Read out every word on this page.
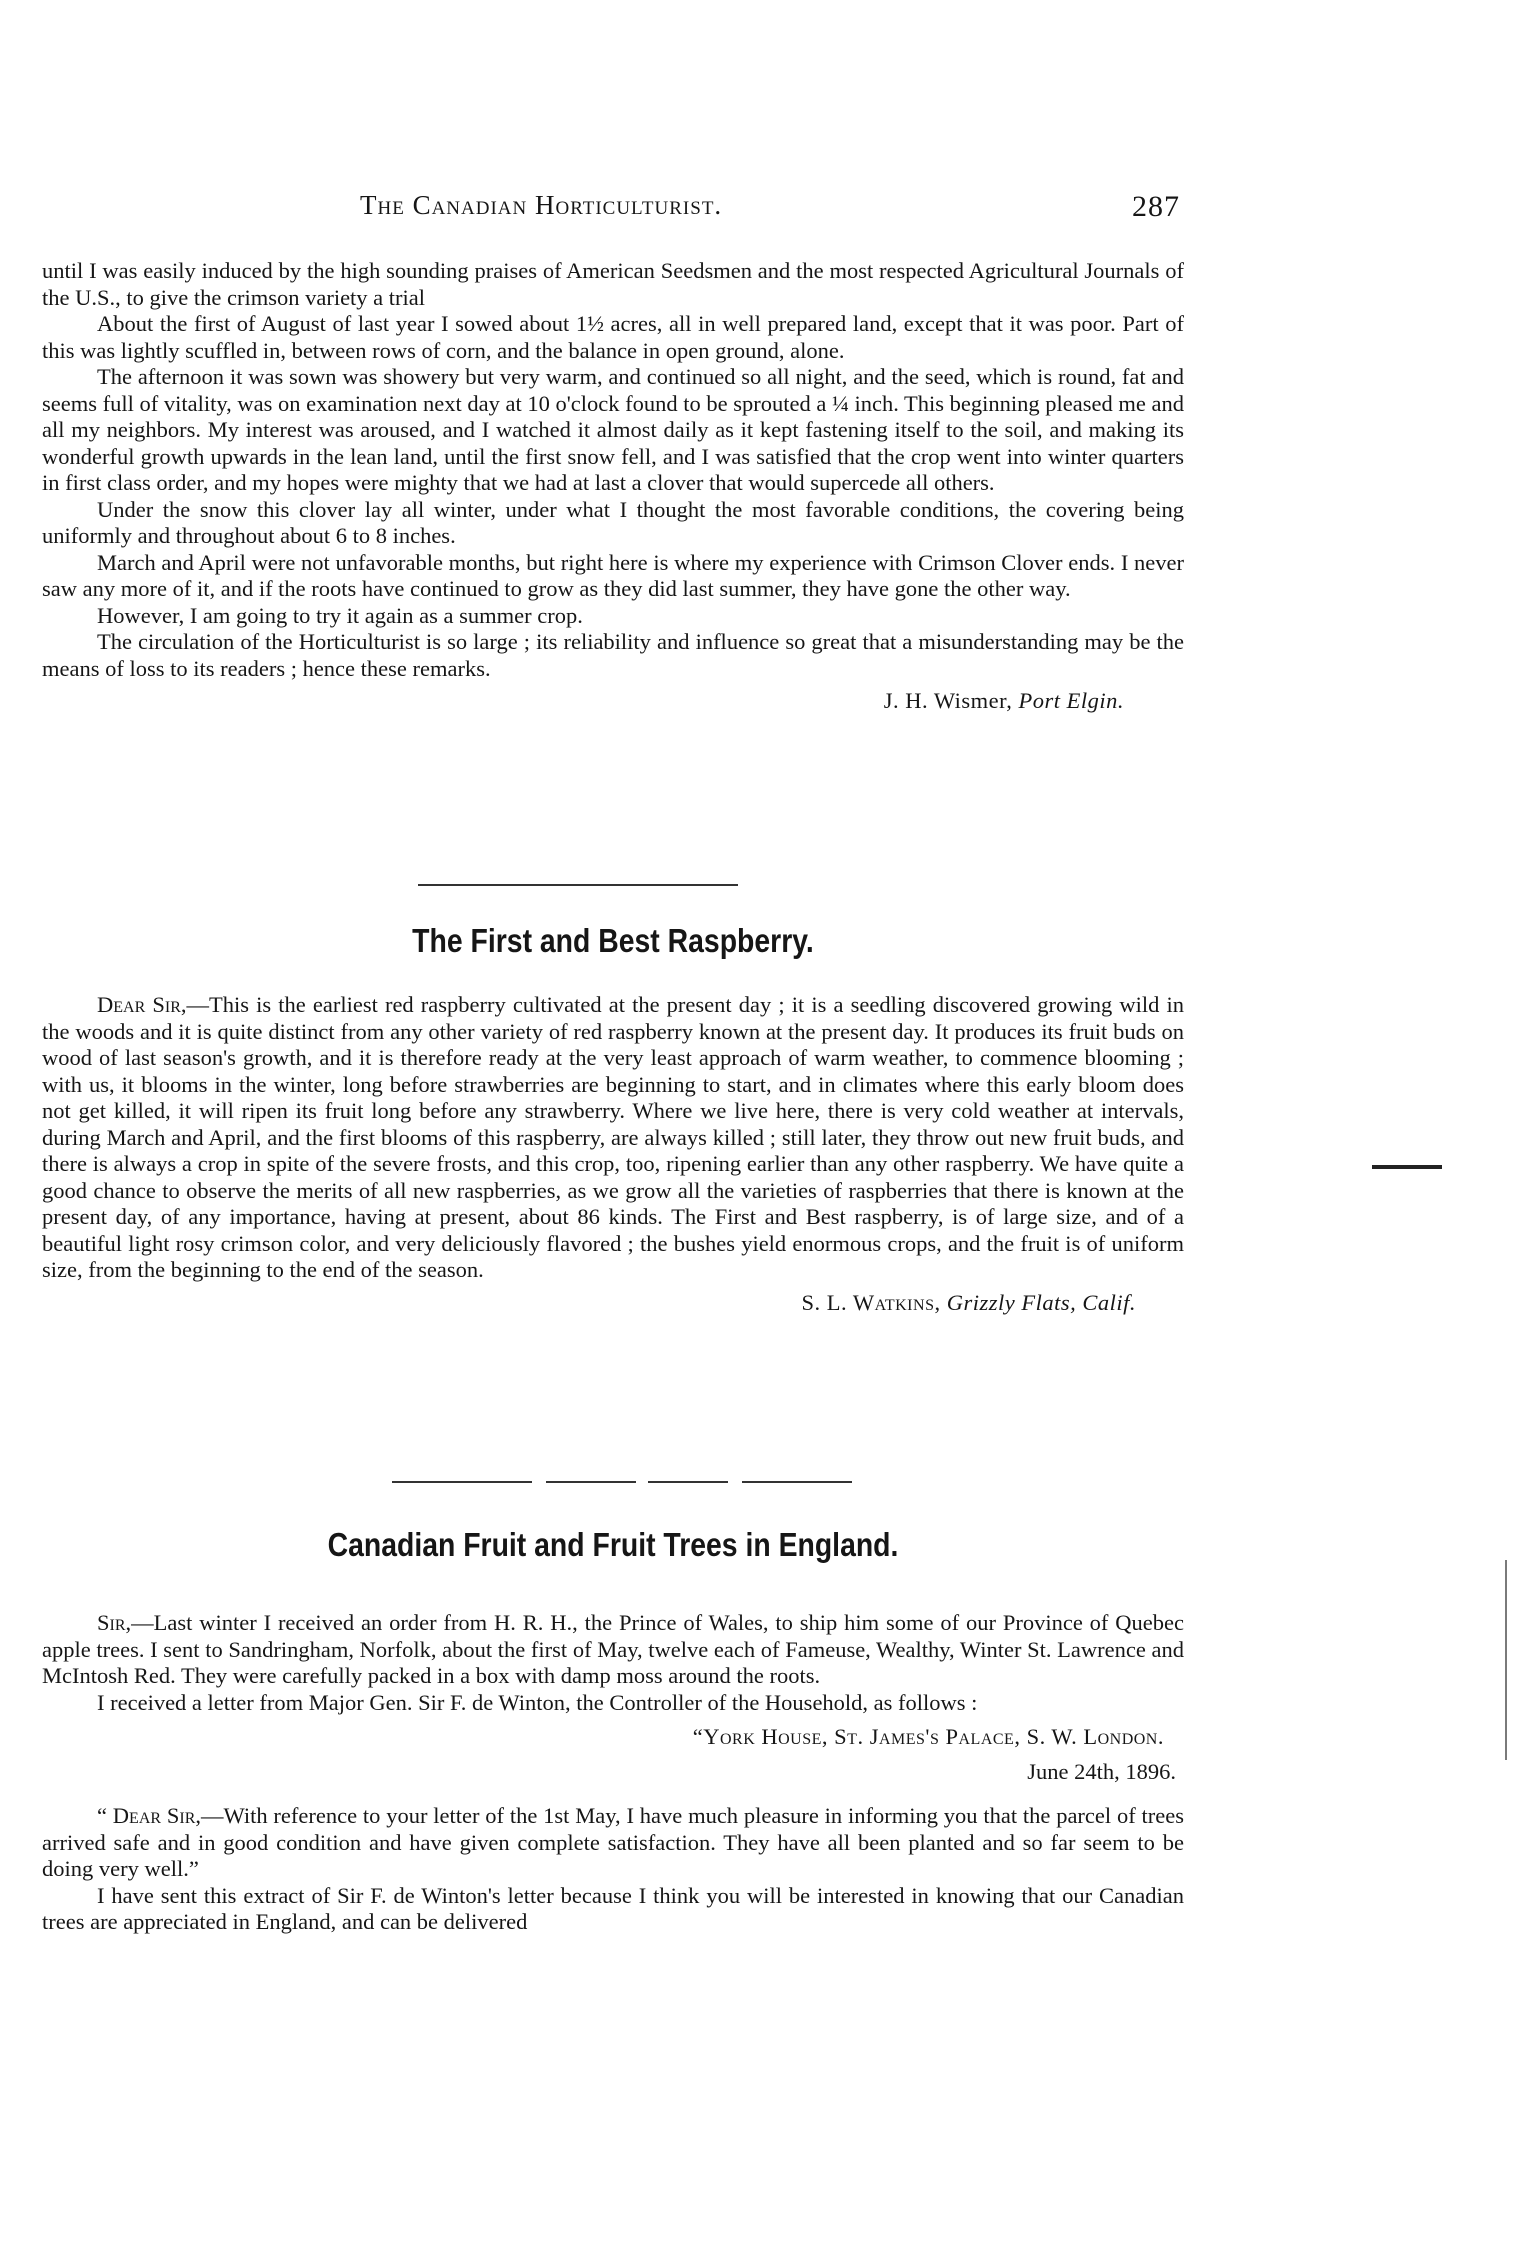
The Canadian Horticulturist.	287

until I was easily induced by the high sounding praises of American Seedsmen and the most respected Agricultural Journals of the U.S., to give the crimson variety a trial

About the first of August of last year I sowed about 1½ acres, all in well prepared land, except that it was poor. Part of this was lightly scuffled in, between rows of corn, and the balance in open ground, alone.

The afternoon it was sown was showery but very warm, and continued so all night, and the seed, which is round, fat and seems full of vitality, was on examination next day at 10 o'clock found to be sprouted a ¼ inch. This beginning pleased me and all my neighbors. My interest was aroused, and I watched it almost daily as it kept fastening itself to the soil, and making its wonderful growth upwards in the lean land, until the first snow fell, and I was satisfied that the crop went into winter quarters in first class order, and my hopes were mighty that we had at last a clover that would supercede all others.

Under the snow this clover lay all winter, under what I thought the most favorable conditions, the covering being uniformly and throughout about 6 to 8 inches.

March and April were not unfavorable months, but right here is where my experience with Crimson Clover ends. I never saw any more of it, and if the roots have continued to grow as they did last summer, they have gone the other way.

However, I am going to try it again as a summer crop.

The circulation of the Horticulturist is so large ; its reliability and influence so great that a misunderstanding may be the means of loss to its readers ; hence these remarks.

J. H. Wismer, Port Elgin.
The First and Best Raspberry.

Dear Sir,—This is the earliest red raspberry cultivated at the present day ; it is a seedling discovered growing wild in the woods and it is quite distinct from any other variety of red raspberry known at the present day. It produces its fruit buds on wood of last season's growth, and it is therefore ready at the very least approach of warm weather, to commence blooming ; with us, it blooms in the winter, long before strawberries are beginning to start, and in climates where this early bloom does not get killed, it will ripen its fruit long before any strawberry. Where we live here, there is very cold weather at intervals, during March and April, and the first blooms of this raspberry, are always killed ; still later, they throw out new fruit buds, and there is always a crop in spite of the severe frosts, and this crop, too, ripening earlier than any other raspberry. We have quite a good chance to observe the merits of all new raspberries, as we grow all the varieties of raspberries that there is known at the present day, of any importance, having at present, about 86 kinds. The First and Best raspberry, is of large size, and of a beautiful light rosy crimson color, and very deliciously flavored ; the bushes yield enormous crops, and the fruit is of uniform size, from the beginning to the end of the season.

S. L. Watkins, Grizzly Flats, Calif.
Canadian Fruit and Fruit Trees in England.

Sir,—Last winter I received an order from H. R. H., the Prince of Wales, to ship him some of our Province of Quebec apple trees. I sent to Sandringham, Norfolk, about the first of May, twelve each of Fameuse, Wealthy, Winter St. Lawrence and McIntosh Red. They were carefully packed in a box with damp moss around the roots.

I received a letter from Major Gen. Sir F. de Winton, the Controller of the Household, as follows :

“York House, St. James's Palace, S. W. London.
June 24th, 1896.

“ Dear Sir,—With reference to your letter of the 1st May, I have much pleasure in informing you that the parcel of trees arrived safe and in good condition and have given complete satisfaction. They have all been planted and so far seem to be doing very well.”

I have sent this extract of Sir F. de Winton's letter because I think you will be interested in knowing that our Canadian trees are appreciated in England, and can be delivered
